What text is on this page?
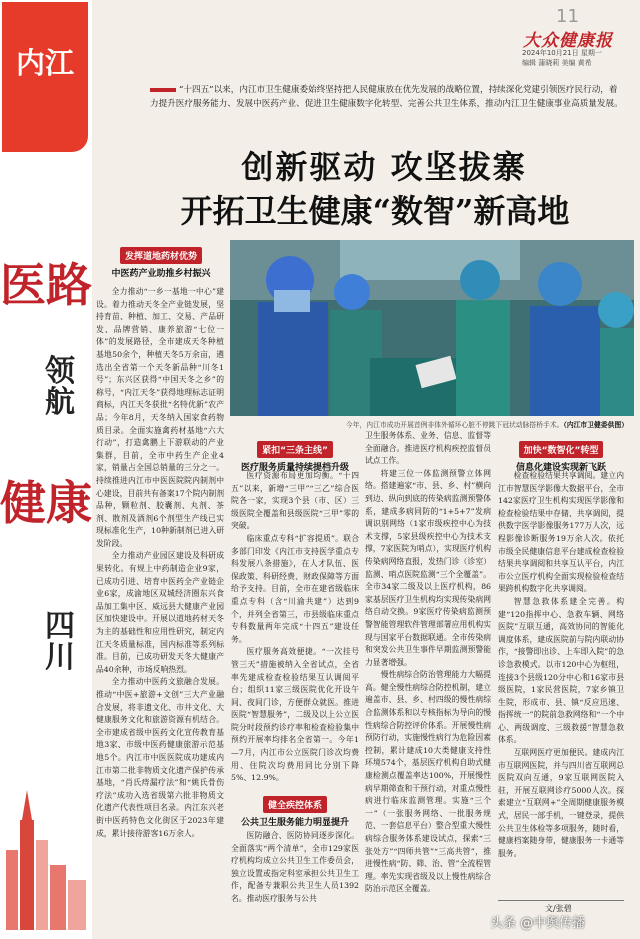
内江
医路
领航
健康
四川
11
大众健康报
2024年10月21日 星期一
编辑 蒲晓莉 美编 黄希
“十四五”以来，内江市卫生健康委始终坚持把人民健康放在优先发展的战略位置，持续深化党建引领医疗民行动，着力提升医疗服务能力、发展中医药产业、促进卫生健康数字化转型、完善公共卫生体系，推动内江卫生健康事业高质量发展。
创新驱动 攻坚拔寨
开拓卫生健康“数智”新高地
今年，内江市成功开展首例非体外循环心脏不停跳下冠状动脉搭桥手术。（内江市卫健委供图）
发挥道地药材优势
中医药产业助推乡村振兴

全力推动“一乡一基地一中心”建设。着力推动天冬全产业链发展，坚持育苗、种植、加工、交易、产品研发、品牌营销、康养旅游“七位一体”的发展路径，全市建成天冬种植基地50余个，种植天冬5万余亩，遴选出全省第一个天冬新品种“川冬1号”；东兴区获得“中国天冬之乡”的称号，“内江天冬”获得地理标志证明商标，内江天冬获批“名特优新”农产品；今年8月，天冬纳入国家食药物质目录。全面实施禽药材基地“六大行动”，打造禽鹏上下游联动的产业集群，目前，全市中药生产企业4家，销量占全国总销量的三分之一。持续推进内江市中医医院院内制剂中心建设，目前共有备案17个院内制剂品种，颗粒剂、胶囊剂、丸剂、茶剂、散剂及酒剂6个剂型生产线已实现标准化生产，10种新制剂已进入研发阶段。

全力推动产业园区建设及科研成果转化。有规上中药制造企业9家，已成功引进、培育中医药全产业链企业6家，成渝地区双城经济圈东兴食品加工集中区、威远县大健康产业园区加快建设中。开展以道地药材天冬为主的基础性和应用性研究，制定内江天冬质量标准，国内标准等系列标准。目前，已成功研发天冬大健康产品40余种，市场反响热烈。

全力推动中医药文旅融合发展。推动“中医+旅游+文创”三大产业融合发展，将非遗文化、市井文化、大健康服务文化和旅游资源有机结合。全市建成省级中医药文化宣传教育基地3家、市级中医药健康旅游示范基地5个。内江市中医医院成功建成内江市第二批非物质文化遗产保护传承基地，“肖氏痔漏疗法”和“姚氏骨伤疗法”成功入选省级第六批非物质文化遗产代表性项目名录。内江东兴老街中医药特色文化街区于2023年建成，累计接待游客16万余人。

紧扣“三条主线”
医疗服务质量持续提档升级

医疗资源布局更加均衡。“十四五”以来，新增“三甲”“三乙”综合医院各一家，实现3个县（市、区）三级医院全覆盖和县级医院“三甲”零的突破。

临床重点专科“扩容提质”。联合多部门印发《内江市支持医学重点专科发展八条措施》，在人才队伍、医保政策、科研经费、财政保障等方面给予支持。目前，全市在建省级临床重点专科（含“川渝共建”）达到9个，并列全省第三，市县级临床重点专科数量两年完成“十四五”建设任务。

医疗服务高效便捷。“一次挂号管三天”措施被纳入全省试点，全省率先建成检查检验结果互认调阅平台；组织11家三级医院优化开设午间、夜间门诊，方便群众就医。推进医院“智慧服务”，二级及以上公立医院分时段预约诊疗率和检查检验集中预约开展率均排名全省第一。今年1—7月，内江市公立医院门诊次均费用、住院次均费用同比分别下降5%、12.9%。

健全疾控体系
公共卫生服务能力明显提升

医防融合、医防协同逐步深化。全面落实“两个清单”，全市129家医疗机构均成立公共卫生工作委员会，独立设置或指定科室承担公共卫生工作，配备专兼职公共卫生人员1392名。推动医疗服务与公共

卫生服务体系、业务、信息、监督等全面融合。推进医疗机构疾控监督员试点工作。

将建三位一体监测预警立体网络。搭建遍家“市、县、乡、村”横向到边、纵向到底的传染病监测预警体系，建成多病同防的“1+5+7”发病调识别网络（1家市级疾控中心为技术支撑，5家县级疾控中心为技术支撑，7家医院为哨点），实现医疗机构传染病网络直报，发热门诊（诊室）监测、哨点医院监测“三个全覆盖”。全市34家二级及以上医疗机构，86家基层医疗卫生机构均实现传染病网络自动交换。9家医疗传染病监测预警智能管理软件管理部署应用机构实现与国家平台数据联通。全市传染病和突发公共卫生事件早期监测预警能力显著增强。

慢性病综合防治管理能力大幅提高。健全慢性病综合防控机制，建立遍盖市、县、乡、村四级的慢性病综合监测体系和以专核指标为导向的慢性病综合防控评价体系。开展慢性病预防行动，实施慢性病行为危险因素控制，累计建成10大类健康支持性环境574个，基层医疗机构自助式健康检测点覆盖率达100%，开展慢性病早期筛查和干预行动，对重点慢性病进行临床监测管理。实施“三个一”（一张服务网络、一批服务规范、一套信息平台）整合型重大慢性病综合服务体系建设试点，探索“三张处方”“四师共管”“三高共管”，推进慢性病“防、筛、治、管”全流程管理。率先实现省级及以上慢性病综合防治示范区全覆盖。

加快“数智化”转型
信息化建设实现新飞跃

检查检验结果共享调阅。建立内江市智慧医学影像大数据平台，全市142家医疗卫生机构实现医学影像和检查检验结果中存储、共享调阅，提供数字医学影像服务177万人次，远程影像诊断服务19万余人次。依托市级全民健康信息平台建成检查检验结果共享调阅和共享互认平台，内江市公立医疗机构全面实现检验检查结果跨机构数字化共享调阅。

智慧急救体系建全完善。构建“120指挥中心、急救车辆、网络医院”互联互通，高效协同的智能化调度体系，建成医院前与院内联动协作，“接警即出诊、上车即入院”的急诊急救模式。以市120中心为枢纽，连接3个县级120分中心和16家市县级医院，1家民营医院，7家乡镇卫生院，形成市、县、镇“反应迅速、指挥统一”的院前急救网络和“一个中心、两级调度、三级救援”智慧急救体系。

互联网医疗更加便民。建成内江市互联网医院，并与四川省互联网总医院双向互通，9家互联网医院入驻，开展互联网诊疗5000人次。探索建立“互联网+”全周期健康服务模式，居民一部手机，一键登录，提供公共卫生体检等多项服务，随时看，健康档案随身带，健康服务一卡通等服务。

文/张碧
头条 @中舆传播
